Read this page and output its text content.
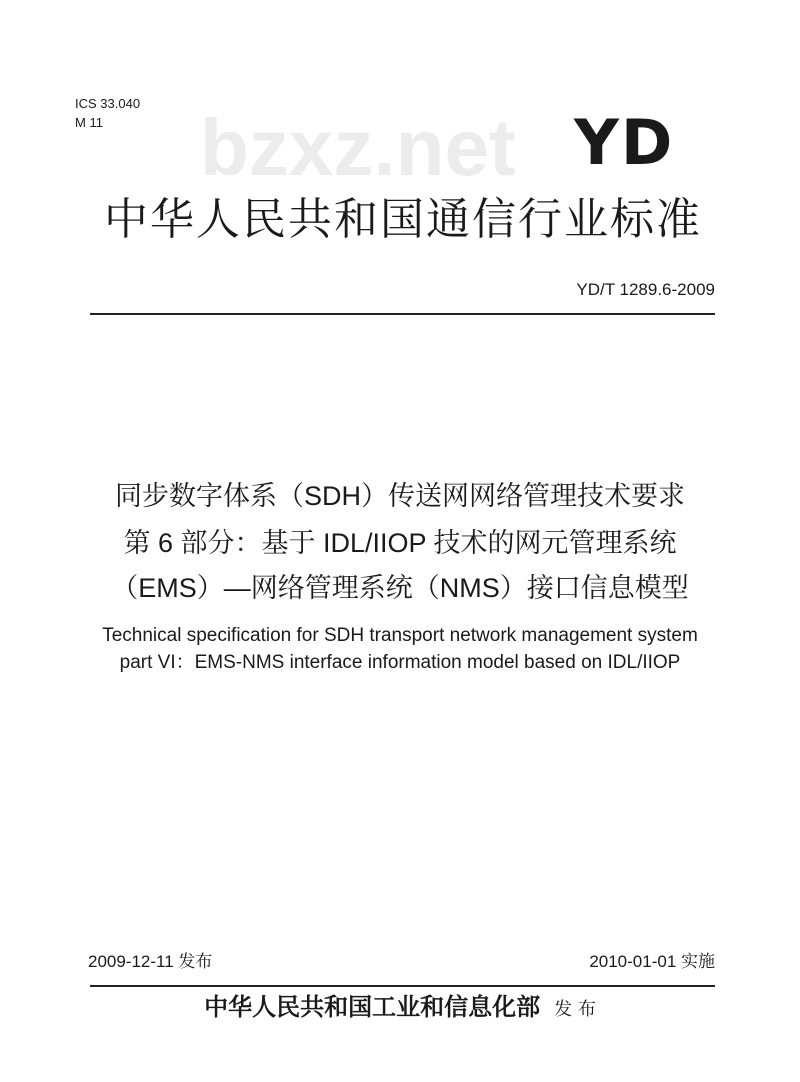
ICS 33.040
M 11 bzxz.net YD
中华人民共和国通信行业标准
YD/T 1289.6-2009
同步数字体系（SDH）传送网网络管理技术要求
第 6 部分：基于 IDL/IIOP 技术的网元管理系统
（EMS）—网络管理系统（NMS）接口信息模型
Technical specification for SDH transport network management system
part VI：EMS-NMS interface information model based on IDL/IIOP
2009-12-11 发布	2010-01-01 实施
中华人民共和国工业和信息化部 发 布
